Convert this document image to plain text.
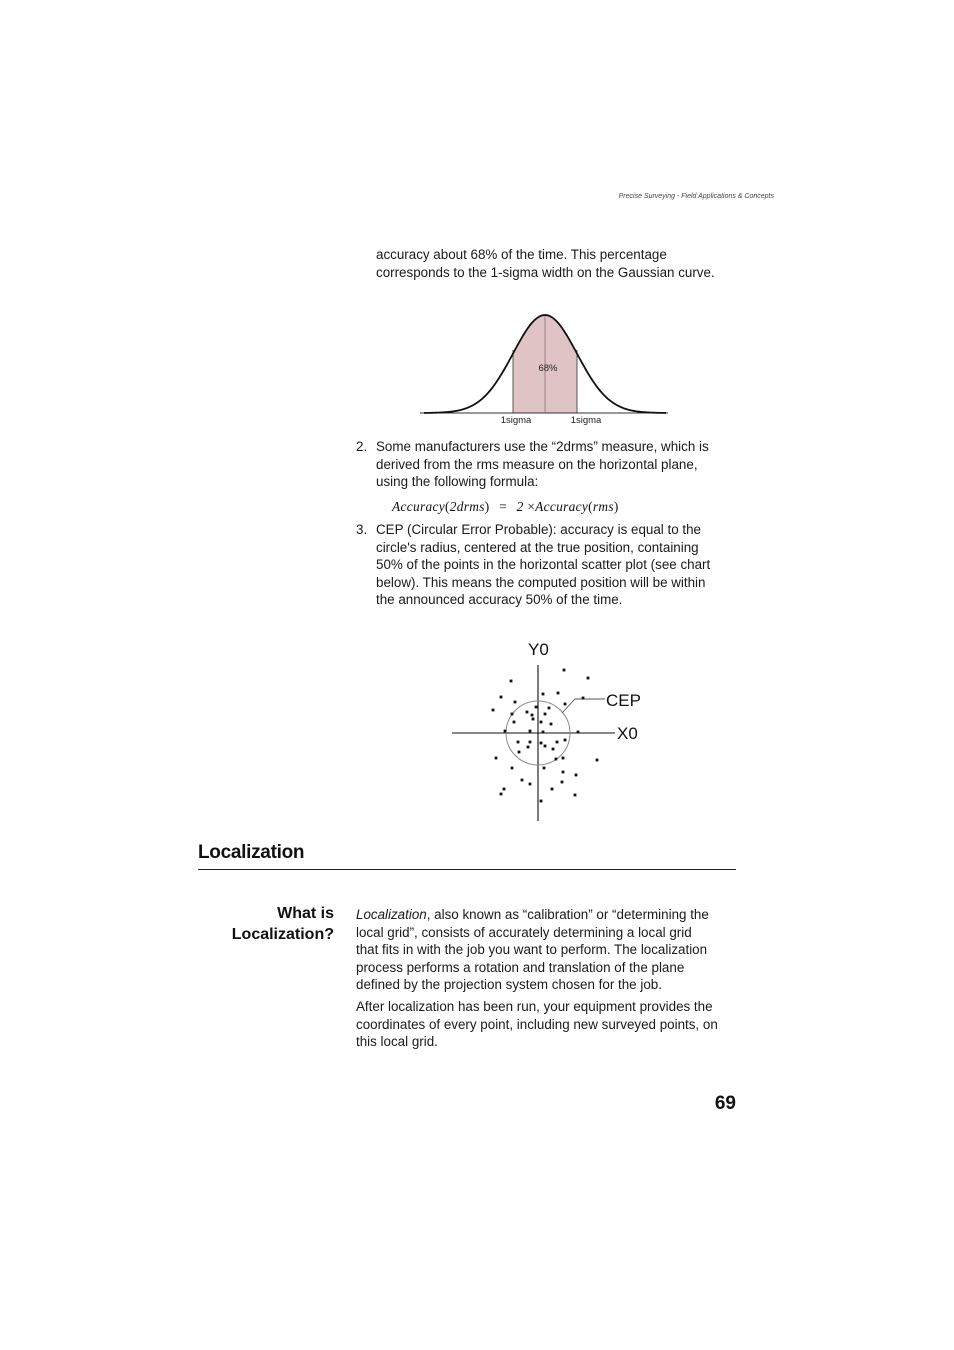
Precise Surveying - Field Applications & Concepts
accuracy about 68% of the time. This percentage
corresponds to the 1-sigma width on the Gaussian curve.
68%
1sigma	1sigma
2. Some manufacturers use the “2drms” measure, which is
derived from the rms measure on the horizontal plane,
using the following formula:
Accuracy(2drms) = 2 ×Accuracy(rms)
3. CEP (Circular Error Probable): accuracy is equal to the
circle's radius, centered at the true position, containing
50% of the points in the horizontal scatter plot (see chart
below). This means the computed position will be within
the announced accuracy 50% of the time.
Y0
X0
CEP
Localization
What is
Localization?
Localization, also known as “calibration” or “determining the
local grid”, consists of accurately determining a local grid
that fits in with the job you want to perform. The localization
process performs a rotation and translation of the plane
defined by the projection system chosen for the job.
After localization has been run, your equipment provides the
coordinates of every point, including new surveyed points, on
this local grid.
69
